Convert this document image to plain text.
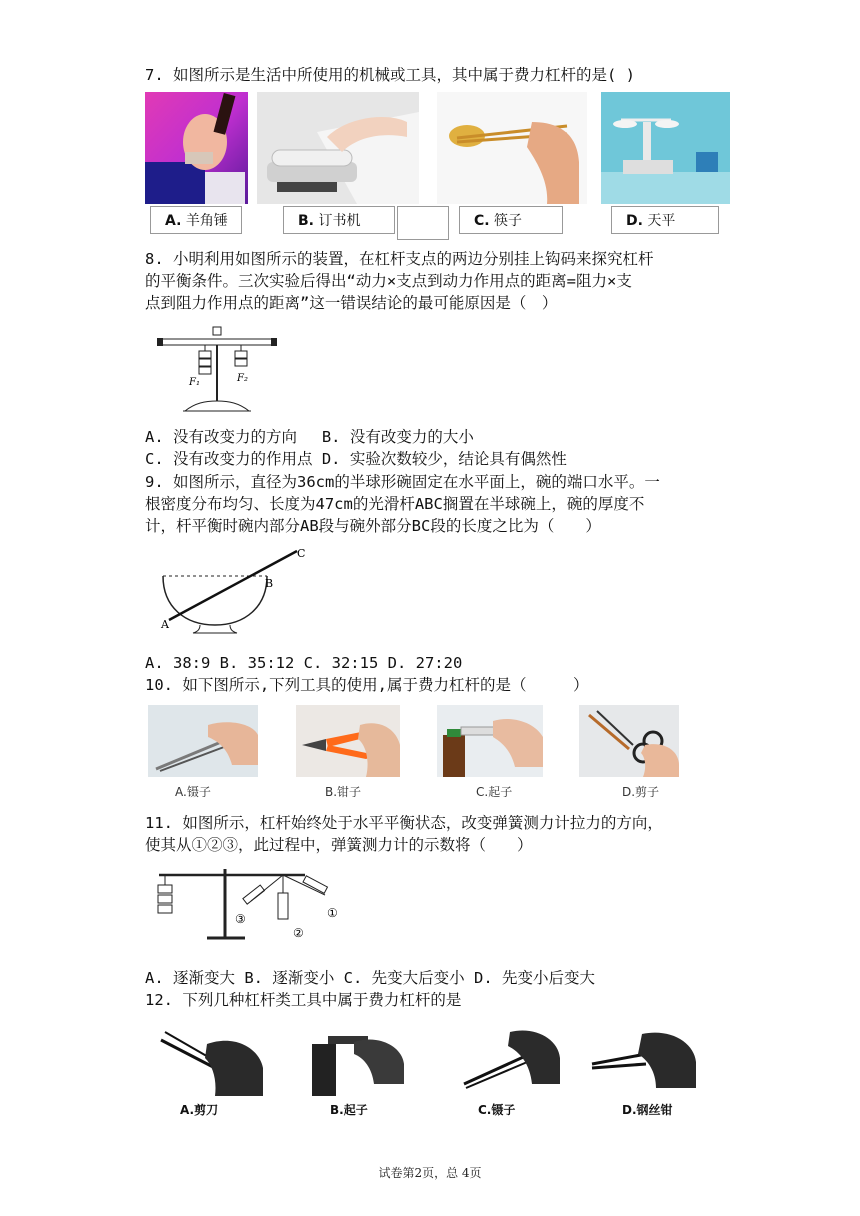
7. 如图所示是生活中所使用的机械或工具，其中属于费力杠杆的是( )
A. 羊角锤	B. 订书机	C. 筷子	D. 天平
8. 小明利用如图所示的装置，在杠杆支点的两边分别挂上钩码来探究杠杆
的平衡条件。三次实验后得出“动力×支点到动力作用点的距离=阻力×支
点到阻力作用点的距离”这一错误结论的最可能原因是（　）
F₁	F₂
A. 没有改变力的方向　 B. 没有改变力的大小
C. 没有改变力的作用点 D. 实验次数较少，结论具有偶然性
9. 如图所示，直径为36cm的半球形碗固定在水平面上，碗的端口水平。一
根密度分布均匀、长度为47cm的光滑杆ABC搁置在半球碗上，碗的厚度不
计，杆平衡时碗内部分AB段与碗外部分BC段的长度之比为（　　）
A
B
C
A. 38:9 B. 35:12 C. 32:15 D. 27:20
10. 如下图所示,下列工具的使用,属于费力杠杆的是（　　　）
A.镊子	B.钳子	C.起子	D.剪子
11. 如图所示，杠杆始终处于水平平衡状态，改变弹簧测力计拉力的方向，
使其从①②③，此过程中，弹簧测力计的示数将（　　）
③
②
①
A. 逐渐变大 B. 逐渐变小 C. 先变大后变小 D. 先变小后变大
12. 下列几种杠杆类工具中属于费力杠杆的是
A.剪刀	B.起子	C.镊子	D.钢丝钳
试卷第2页，总 4页
